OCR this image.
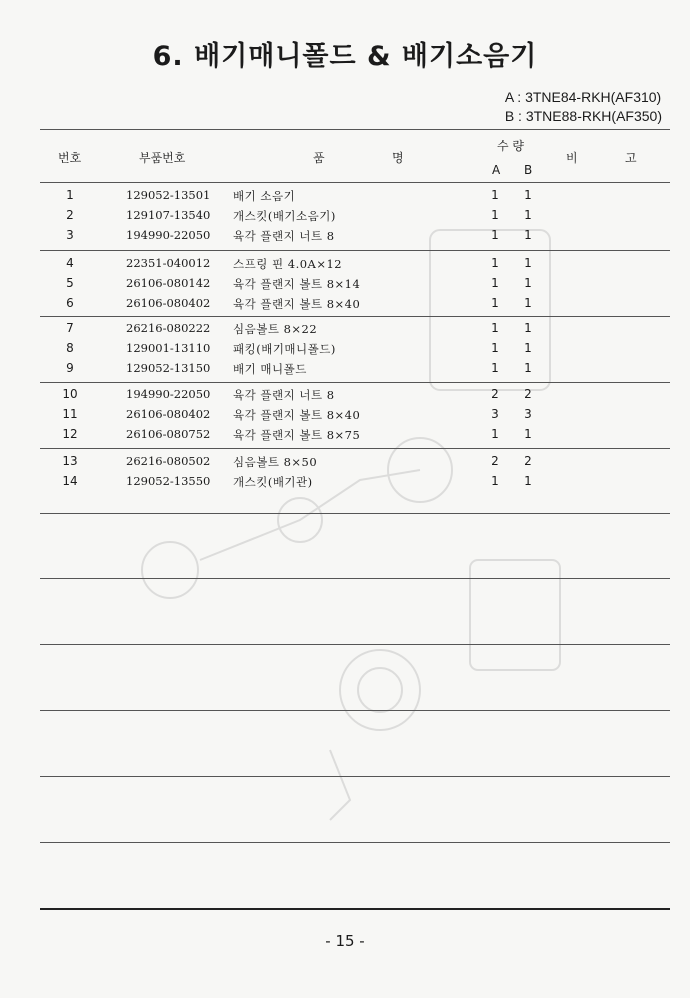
6. 배기매니폴드 & 배기소음기
A : 3TNE84-RKH(AF310)
B : 3TNE88-RKH(AF350)
번호	부품번호	품	명
수 량
A B
비	고
1	129052-13501 배기 소음기	1 1
2	129107-13540 개스킷(배기소음기)	1 1
3	194990-22050 육각 플랜지 너트 8	1 1
4	22351-040012 스프링 핀 4.0A×12	1 1
5	26106-080142 육각 플랜지 볼트 8×14	1 1
6	26106-080402 육각 플랜지 볼트 8×40	1 1
7	26216-080222 심음볼트 8×22	1 1
8	129001-13110 패킹(배기매니폴드)	1 1
9	129052-13150 배기 매니폴드	1 1
10	194990-22050 육각 플랜지 너트 8	2 2
11	26106-080402 육각 플랜지 볼트 8×40	3 3
12	26106-080752 육각 플랜지 볼트 8×75	1 1
13	26216-080502 심음볼트 8×50	2 2
14	129052-13550 개스킷(배기관)	1 1
- 15 -
